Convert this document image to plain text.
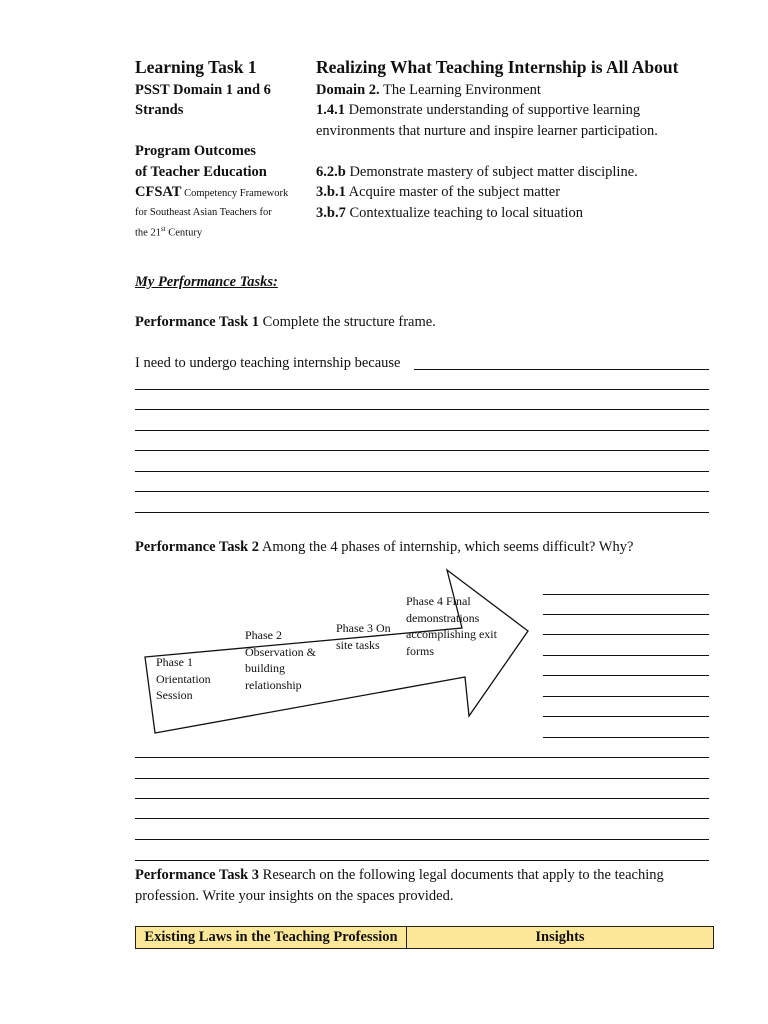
Learning Task 1	Realizing What Teaching Internship is All About
PSST Domain 1 and 6
Strands
Domain 2. The Learning Environment
1.4.1 Demonstrate understanding of supportive learning
environments that nurture and inspire learner participation.
Program Outcomes
of Teacher Education
CFSAT Competency Framework
for Southeast Asian Teachers for
the 21st Century
6.2.b Demonstrate mastery of subject matter discipline.
3.b.1 Acquire master of the subject matter
3.b.7 Contextualize teaching to local situation
My Performance Tasks:
Performance Task 1 Complete the structure frame.
I need to undergo teaching internship because
Performance Task 2 Among the 4 phases of internship, which seems difficult? Why?
Phase 1 Orientation Session
Phase 2 Observation & building relationship
Phase 3 On site tasks
Phase 4 Final demonstrations accomplishing exit forms
Performance Task 3 Research on the following legal documents that apply to the teaching
profession. Write your insights on the spaces provided.
Existing Laws in the Teaching Profession	Insights
